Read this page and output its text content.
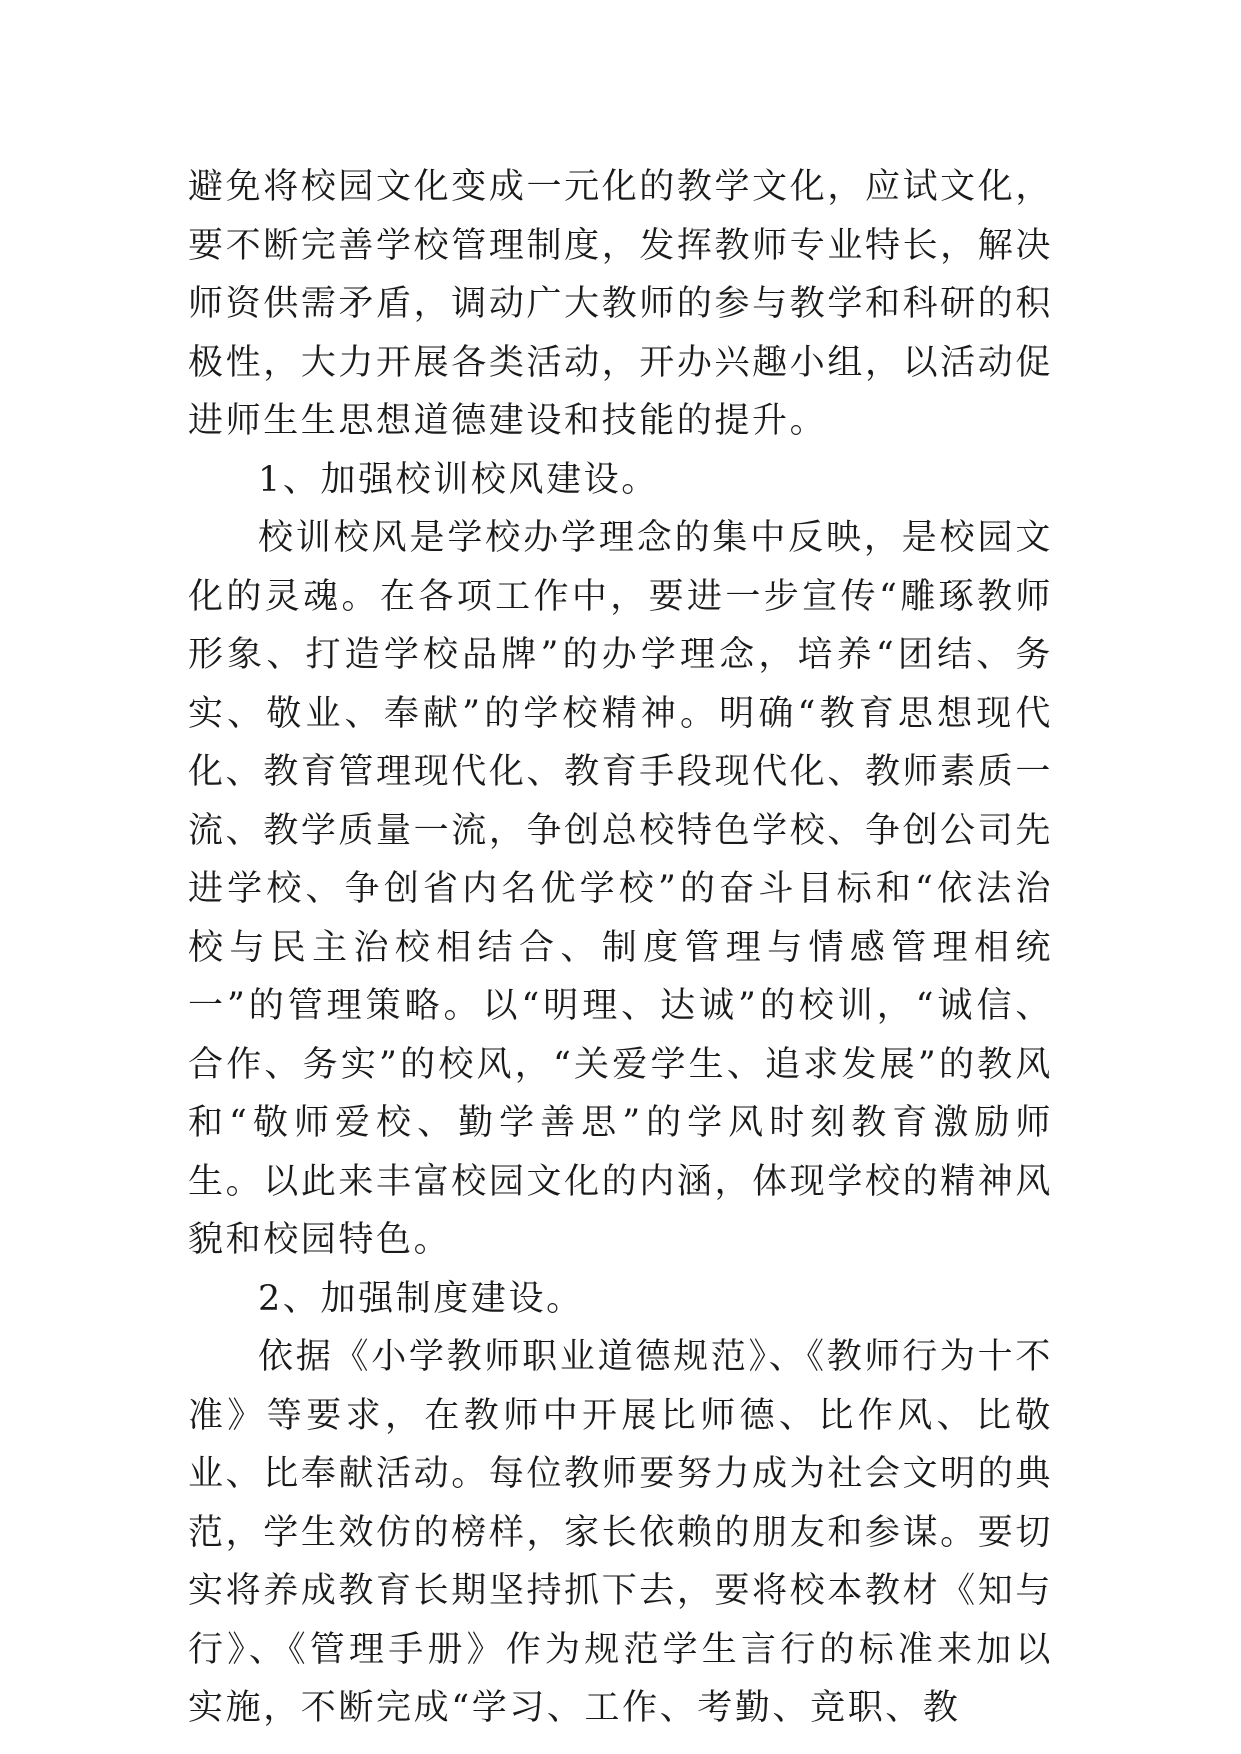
避免将校园文化变成一元化的教学文化，应试文化，要不断完善学校管理制度，发挥教师专业特长，解决师资供需矛盾，调动广大教师的参与教学和科研的积极性，大力开展各类活动，开办兴趣小组，以活动促进师生生思想道德建设和技能的提升。

1、加强校训校风建设。

校训校风是学校办学理念的集中反映，是校园文化的灵魂。在各项工作中，要进一步宣传“雕琢教师形象、打造学校品牌”的办学理念，培养“团结、务实、敬业、奉献”的学校精神。明确“教育思想现代化、教育管理现代化、教育手段现代化、教师素质一流、教学质量一流，争创总校特色学校、争创公司先进学校、争创省内名优学校”的奋斗目标和“依法治校与民主治校相结合、制度管理与情感管理相统一”的管理策略。以“明理、达诚”的校训，“诚信、合作、务实”的校风，“关爱学生、追求发展”的教风和“敬师爱校、勤学善思”的学风时刻教育激励师生。以此来丰富校园文化的内涵，体现学校的精神风貌和校园特色。

2、加强制度建设。

依据《小学教师职业道德规范》、《教师行为十不准》等要求，在教师中开展比师德、比作风、比敬业、比奉献活动。每位教师要努力成为社会文明的典范，学生效仿的榜样，家长依赖的朋友和参谋。要切实将养成教育长期坚持抓下去，要将校本教材《知与行》、《管理手册》作为规范学生言行的标准来加以实施，不断完成“学习、工作、考勤、竞职、教
